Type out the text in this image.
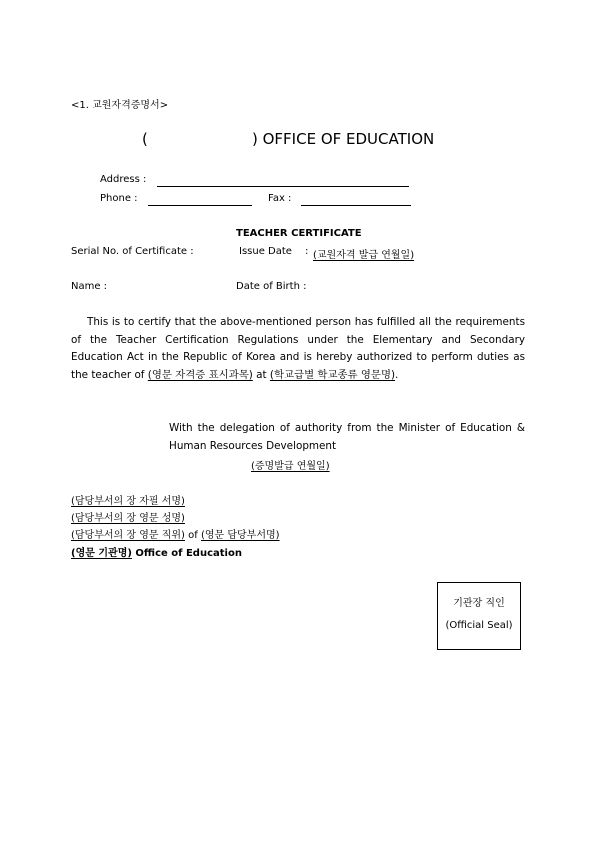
<1. 교원자격증명서>
(	) OFFICE OF EDUCATION
Address :
Phone :	Fax :
TEACHER CERTIFICATE
Serial No. of Certificate :	Issue Date : (교원자격 발급 연월일)
Name :	Date of Birth :
This is to certify that the above-mentioned person has fulfilled all the requirements of the Teacher Certification Regulations under the Elementary and Secondary Education Act in the Republic of Korea and is hereby authorized to perform duties as the teacher of (영문 자격증 표시과목) at (학교급별 학교종류 영문명).
With the delegation of authority from the Minister of Education & Human Resources Development
(증명발급 연월일)
(담당부서의 장 자필 서명)
(담당부서의 장 영문 성명)
(담당부서의 장 영문 직위) of (영문 담당부서명)
(영문 기관명) Office of Education
기관장 직인
(Official Seal)
